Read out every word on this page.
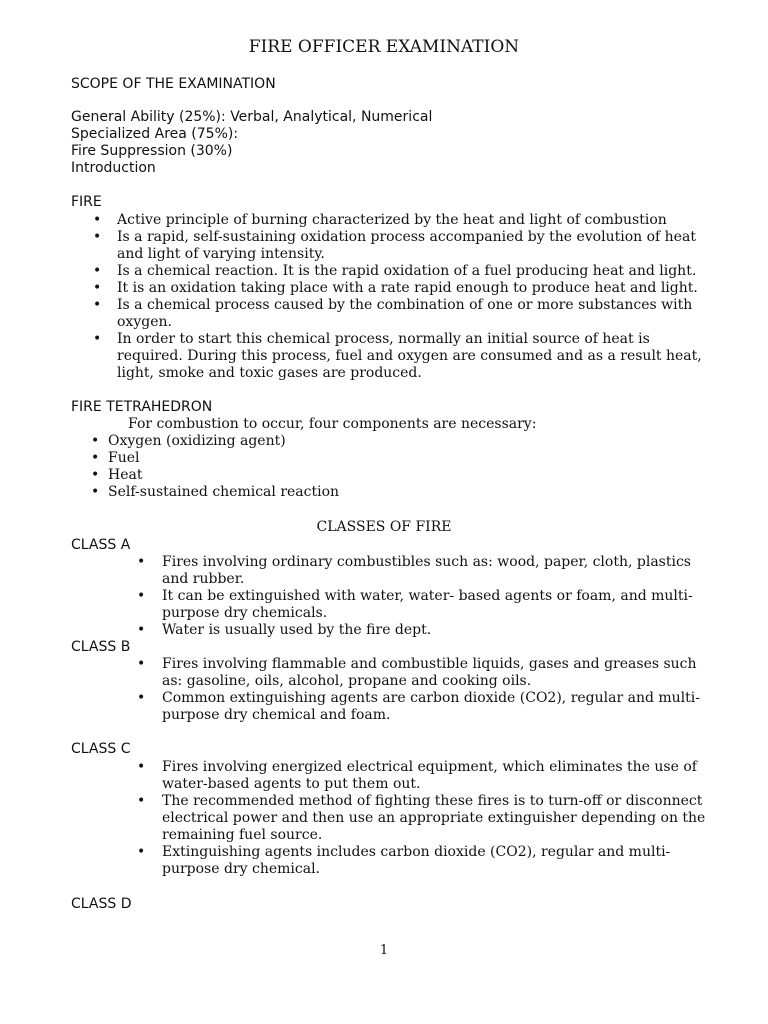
FIRE OFFICER EXAMINATION
SCOPE OF THE EXAMINATION
General Ability (25%): Verbal, Analytical, Numerical
Specialized Area (75%):
Fire Suppression (30%)
Introduction
FIRE
• Active principle of burning characterized by the heat and light of combustion
• Is a rapid, self-sustaining oxidation process accompanied by the evolution of heat and light of varying intensity.
• Is a chemical reaction. It is the rapid oxidation of a fuel producing heat and light.
• It is an oxidation taking place with a rate rapid enough to produce heat and light.
• Is a chemical process caused by the combination of one or more substances with oxygen.
• In order to start this chemical process, normally an initial source of heat is required. During this process, fuel and oxygen are consumed and as a result heat, light, smoke and toxic gases are produced.
FIRE TETRAHEDRON
For combustion to occur, four components are necessary:
• Oxygen (oxidizing agent)
• Fuel
• Heat
• Self-sustained chemical reaction
CLASSES OF FIRE
CLASS A
• Fires involving ordinary combustibles such as: wood, paper, cloth, plastics and rubber.
• It can be extinguished with water, water- based agents or foam, and multi-purpose dry chemicals.
• Water is usually used by the fire dept.
CLASS B
• Fires involving flammable and combustible liquids, gases and greases such as: gasoline, oils, alcohol, propane and cooking oils.
• Common extinguishing agents are carbon dioxide (CO2), regular and multi-purpose dry chemical and foam.
CLASS C
• Fires involving energized electrical equipment, which eliminates the use of water-based agents to put them out.
• The recommended method of fighting these fires is to turn-off or disconnect electrical power and then use an appropriate extinguisher depending on the remaining fuel source.
• Extinguishing agents includes carbon dioxide (CO2), regular and multi-purpose dry chemical.
CLASS D
1
